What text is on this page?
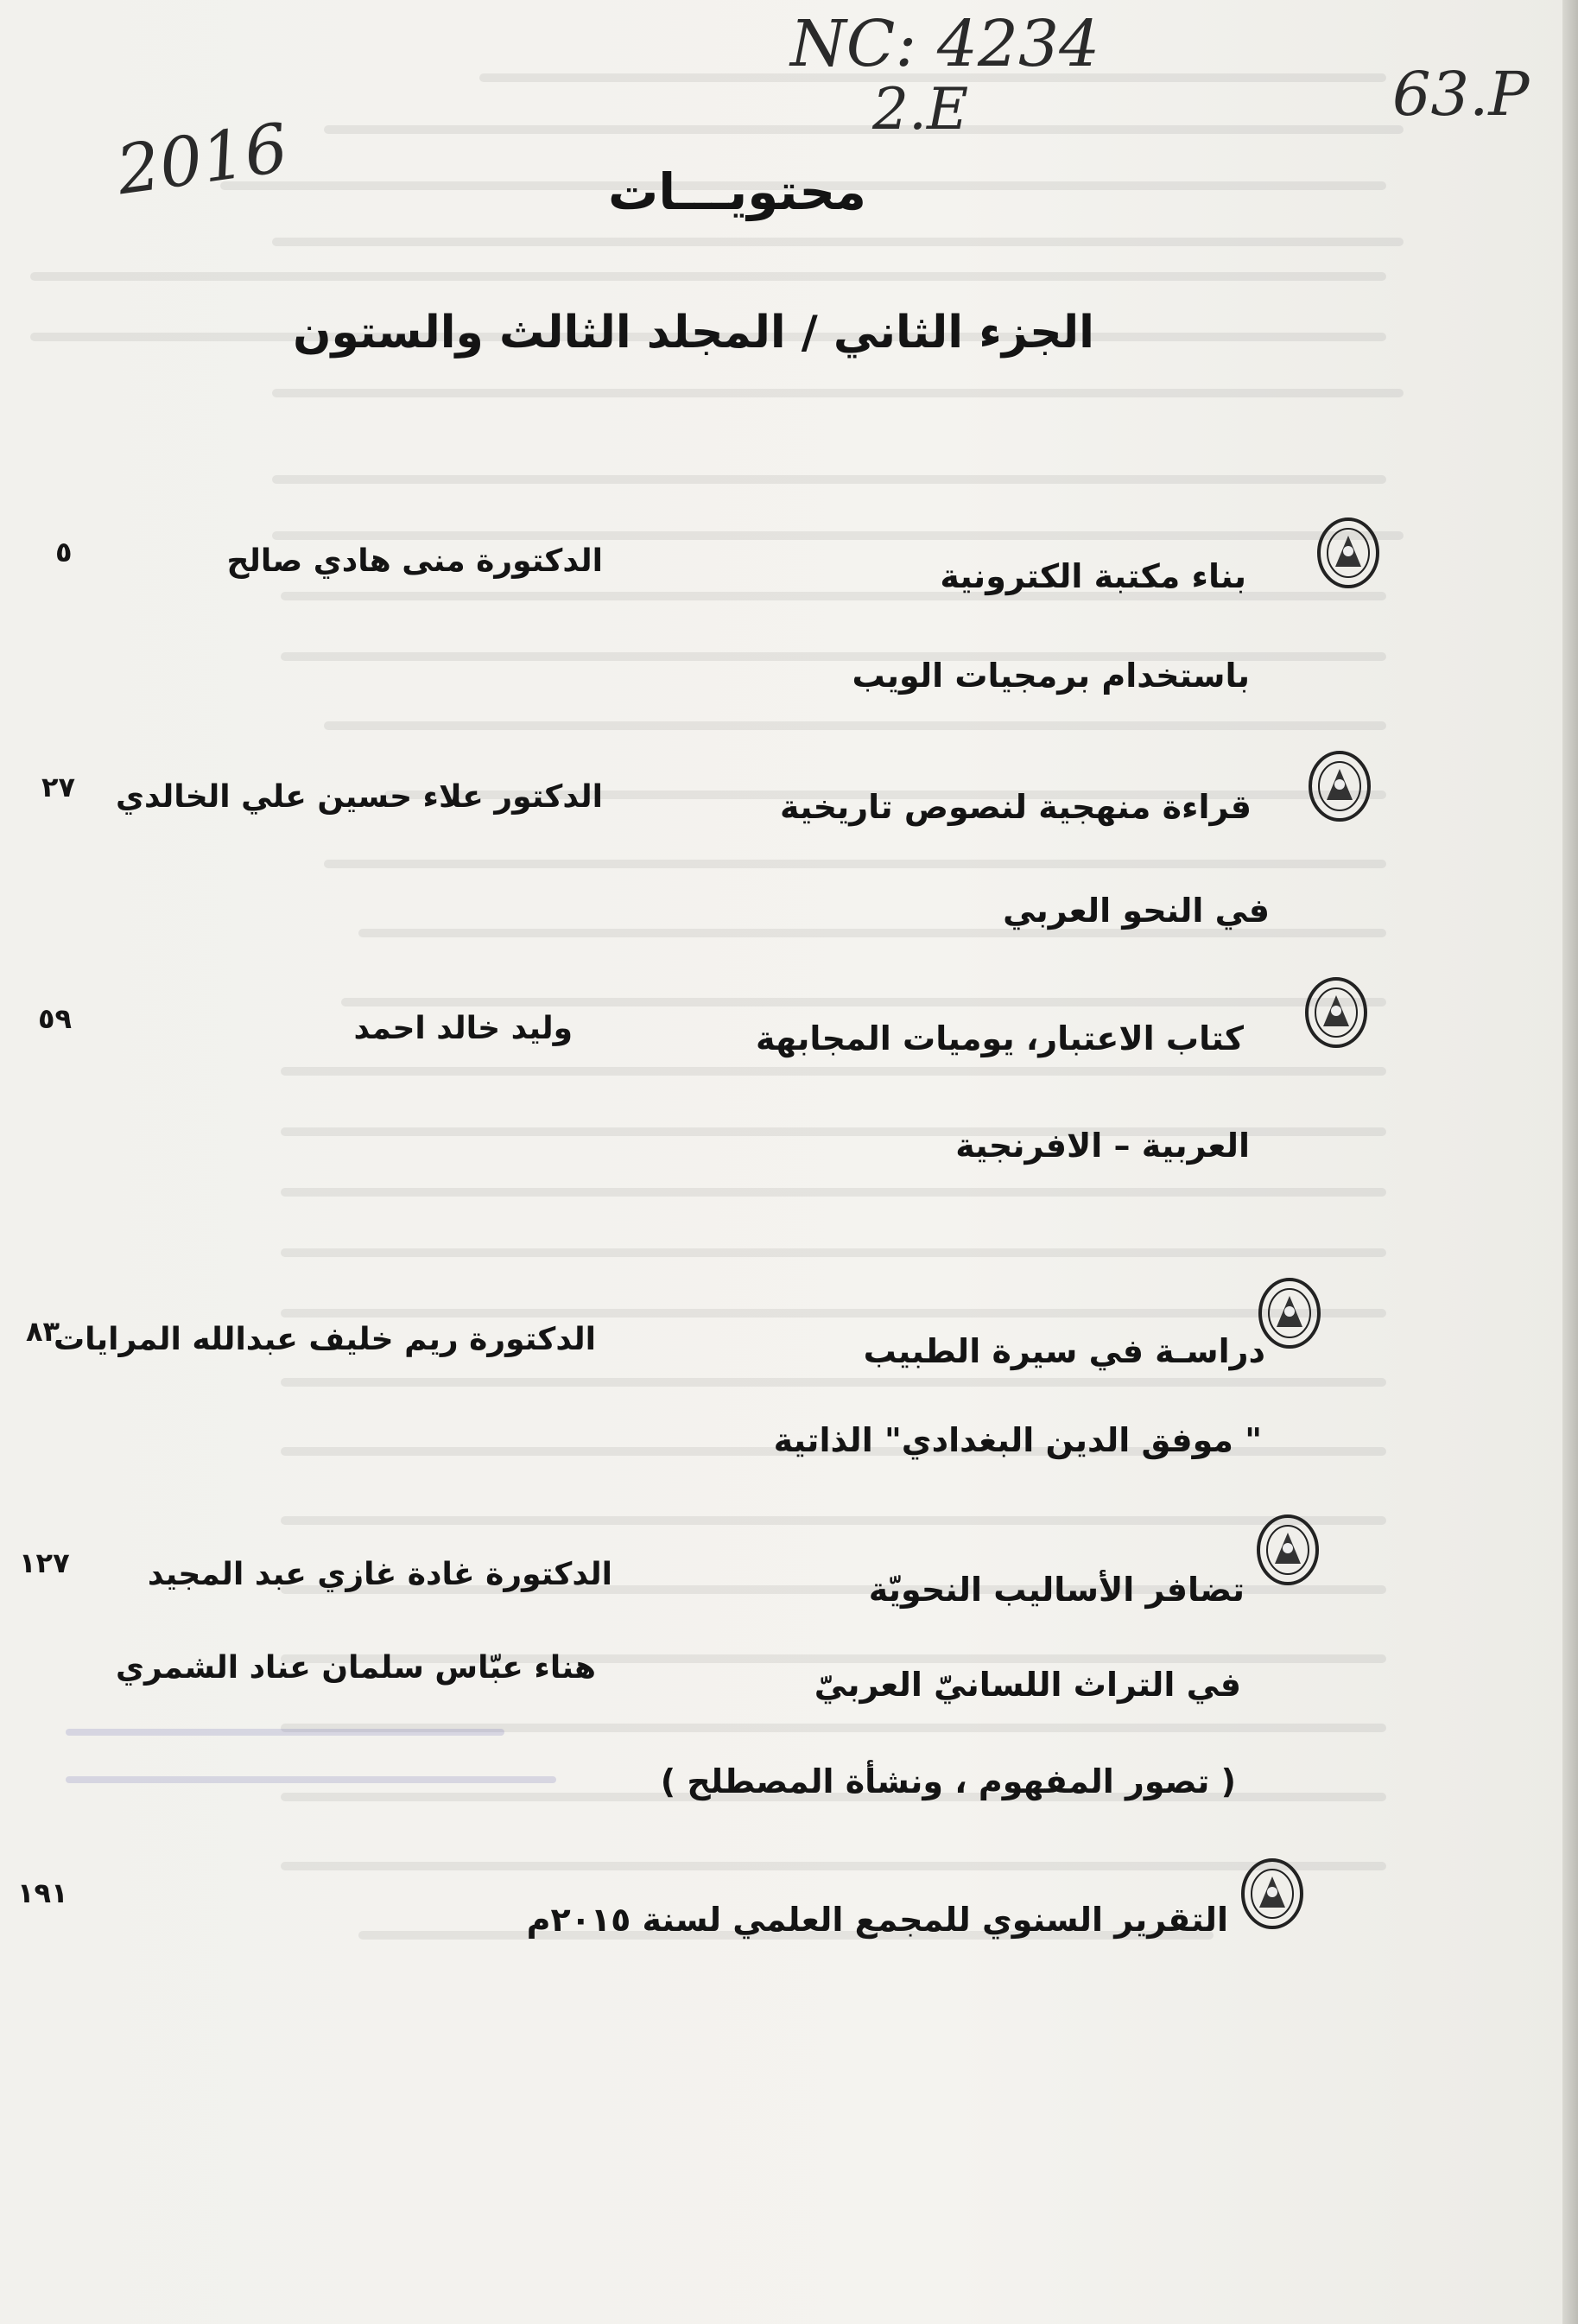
NC: 4234
2.E
2016
63.P
محتويـــات
الجزء الثاني / المجلد الثالث والستون
بناء مكتبة الكترونية
باستخدام برمجيات الويب
الدكتورة منى هادي صالح
٥
قراءة منهجية لنصوص تاريخية
في النحو العربي
الدكتور علاء حسين علي الخالدي
٢٧
كتاب الاعتبار، يوميات المجابهة
العربية – الافرنجية
وليد خالد احمد
٥٩
دراسـة في سيرة الطبيب
" موفق الدين البغدادي" الذاتية
الدكتورة ريم خليف عبدالله المرايات
٨٣
تضافر الأساليب النحويّة
في التراث اللسانيّ العربيّ
( تصور المفهوم ، ونشأة المصطلح )
الدكتورة غادة غازي عبد المجيد
هناء عبّاس سلمان عناد الشمري
١٢٧
التقرير السنوي للمجمع العلمي لسنة ٢٠١٥م
١٩١
